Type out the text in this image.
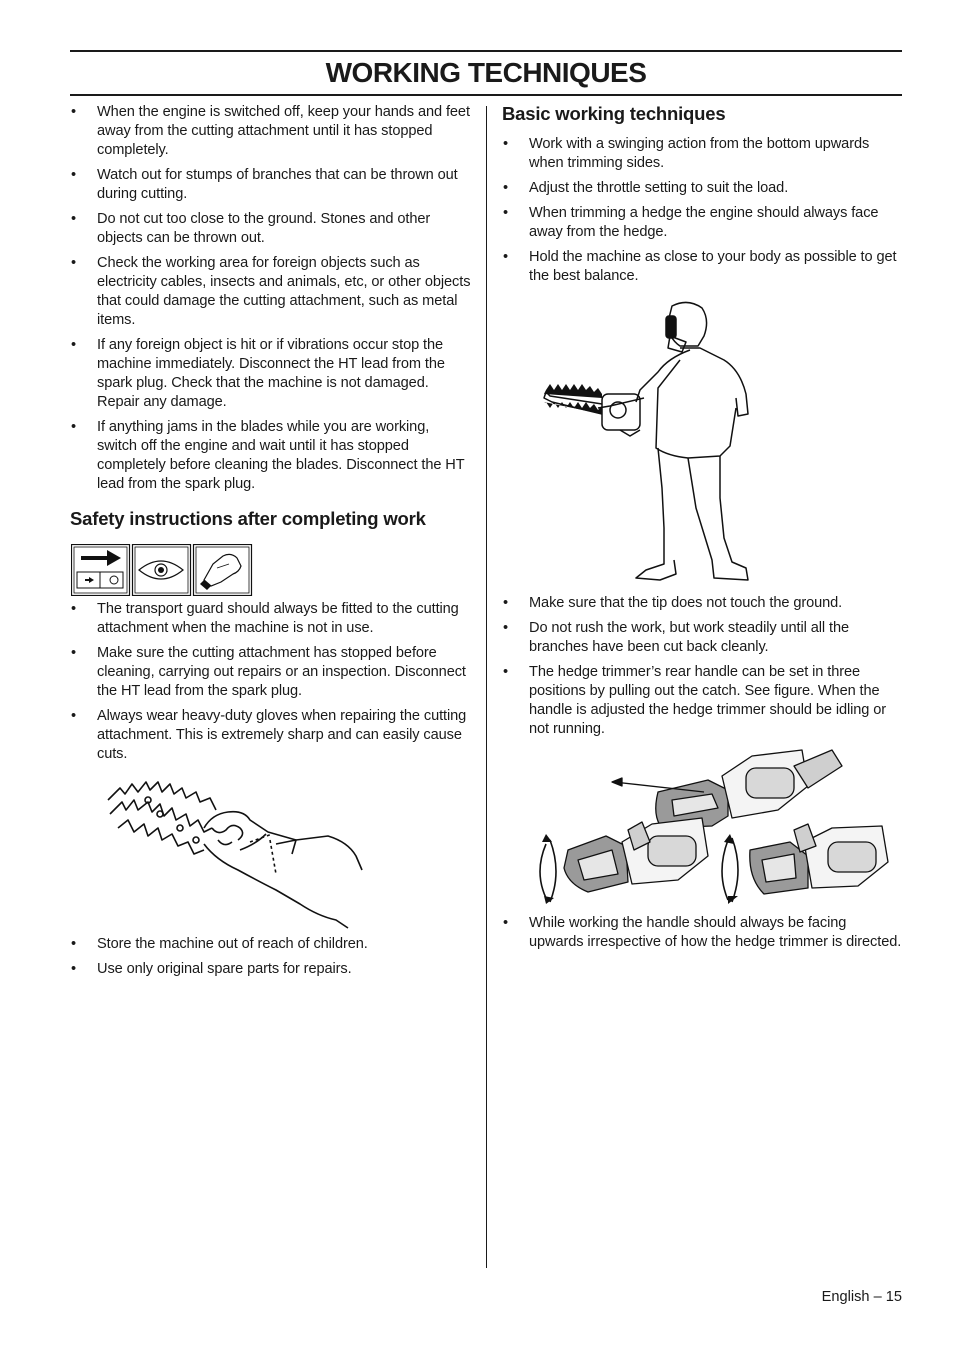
WORKING TECHNIQUES
• When the engine is switched off, keep your hands and feet away from the cutting attachment until it has stopped completely.
• Watch out for stumps of branches that can be thrown out during cutting.
• Do not cut too close to the ground. Stones and other objects can be thrown out.
• Check the working area for foreign objects such as electricity cables, insects and animals, etc, or other objects that could damage the cutting attachment, such as metal items.
• If any foreign object is hit or if vibrations occur stop the machine immediately. Disconnect the HT lead from the spark plug. Check that the machine is not damaged. Repair any damage.
• If anything jams in the blades while you are working, switch off the engine and wait until it has stopped completely before cleaning the blades. Disconnect the HT lead from the spark plug.
Safety instructions after completing work
• The transport guard should always be fitted to the cutting attachment when the machine is not in use.
• Make sure the cutting attachment has stopped before cleaning, carrying out repairs or an inspection. Disconnect the HT lead from the spark plug.
• Always wear heavy-duty gloves when repairing the cutting attachment. This is extremely sharp and can easily cause cuts.
• Store the machine out of reach of children.
• Use only original spare parts for repairs.
Basic working techniques
• Work with a swinging action from the bottom upwards when trimming sides.
• Adjust the throttle setting to suit the load.
• When trimming a hedge the engine should always face away from the hedge.
• Hold the machine as close to your body as possible to get the best balance.
• Make sure that the tip does not touch the ground.
• Do not rush the work, but work steadily until all the branches have been cut back cleanly.
• The hedge trimmer’s rear handle can be set in three positions by pulling out the catch. See figure. When the handle is adjusted the hedge trimmer should be idling or not running.
• While working the handle should always be facing upwards irrespective of how the hedge trimmer is directed.
English – 15
